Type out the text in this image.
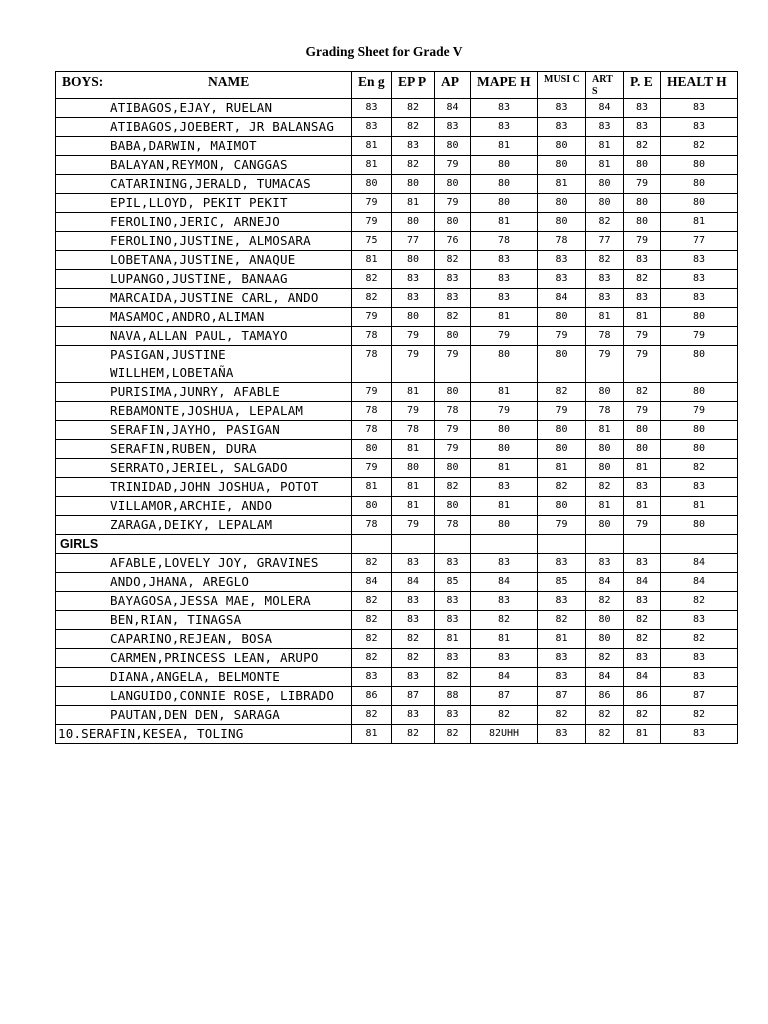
Grading Sheet for Grade V
BOYS: NAME	En g	EP P	AP	MAPE H	MUSI C	ART S	P. E	HEALT H
ATIBAGOS,EJAY, RUELAN	83	82	84	83	83	84	83	83
ATIBAGOS,JOEBERT, JR BALANSAG	83	82	83	83	83	83	83	83
BABA,DARWIN, MAIMOT	81	83	80	81	80	81	82	82
BALAYAN,REYMON, CANGGAS	81	82	79	80	80	81	80	80
CATARINING,JERALD, TUMACAS	80	80	80	80	81	80	79	80
EPIL,LLOYD, PEKIT PEKIT	79	81	79	80	80	80	80	80
FEROLINO,JERIC, ARNEJO	79	80	80	81	80	82	80	81
FEROLINO,JUSTINE, ALMOSARA	75	77	76	78	78	77	79	77
LOBETANA,JUSTINE, ANAQUE	81	80	82	83	83	82	83	83
LUPANGO,JUSTINE, BANAAG	82	83	83	83	83	83	82	83
MARCAIDA,JUSTINE CARL, ANDO	82	83	83	83	84	83	83	83
MASAMOC,ANDRO,ALIMAN	79	80	82	81	80	81	81	80
NAVA,ALLAN PAUL, TAMAYO	78	79	80	79	79	78	79	79
PASIGAN,JUSTINE WILLHEM,LOBETAÑA	78	79	79	80	80	79	79	80
PURISIMA,JUNRY, AFABLE	79	81	80	81	82	80	82	80
REBAMONTE,JOSHUA, LEPALAM	78	79	78	79	79	78	79	79
SERAFIN,JAYHO, PASIGAN	78	78	79	80	80	81	80	80
SERAFIN,RUBEN, DURA	80	81	79	80	80	80	80	80
SERRATO,JERIEL, SALGADO	79	80	80	81	81	80	81	82
TRINIDAD,JOHN JOSHUA, POTOT	81	81	82	83	82	82	83	83
VILLAMOR,ARCHIE, ANDO	80	81	80	81	80	81	81	81
ZARAGA,DEIKY, LEPALAM	78	79	78	80	79	80	79	80
GIRLS								
AFABLE,LOVELY JOY, GRAVINES	82	83	83	83	83	83	83	84
ANDO,JHANA, AREGLO	84	84	85	84	85	84	84	84
BAYAGOSA,JESSA MAE, MOLERA	82	83	83	83	83	82	83	82
BEN,RIAN, TINAGSA	82	83	83	82	82	80	82	83
CAPARINO,REJEAN, BOSA	82	82	81	81	81	80	82	82
CARMEN,PRINCESS LEAN, ARUPO	82	82	83	83	83	82	83	83
DIANA,ANGELA, BELMONTE	83	83	82	84	83	84	84	83
LANGUIDO,CONNIE ROSE, LIBRADO	86	87	88	87	87	86	86	87
PAUTAN,DEN DEN, SARAGA	82	83	83	82	82	82	82	82
10.SERAFIN,KESEA, TOLING	81	82	82	82UHH	83	82	81	83
